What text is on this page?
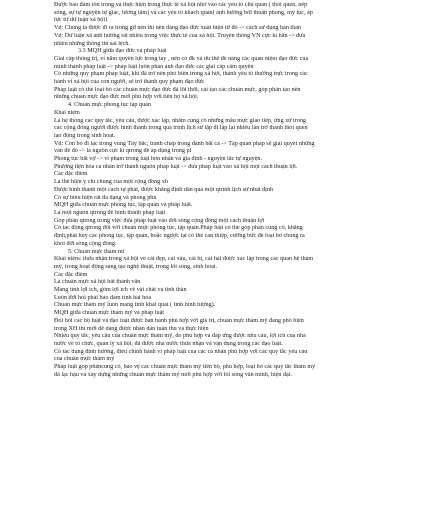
Được bảo đảm tôn trọng và thực hiện trong thực tế xã hội nhờ vào các yếu tố chủ quan ( thói quen, nếp
sống, sự tự nguyện tự giác, lương tâm) và các yếu tố khách quan( ảnh hưởng bởi thuần phong, mỹ tục, áp
lực từ dư luận xã hội)
Vd: Chúng ta được đi ra trong gđ nên thì nên đàng đạo đức xuất hiện từ đó -> cách sử dụng bán thân
Vd: Dư luận xã ảnh hưởng rất nhiều trong việc thực tế của xã hội. Truyền thông VN cực kì hăn -> đưa
nhiều những thông tin sai lệch.
3.3 MQH giữa đạo đức và pháp luật
Giai cấp thống trị, vì nắm quyền lực trong tay , nên có đk và ưu thế để nâng các quan niệm đạo đức của
mình thành pháp luật -> pháp luật luôn phản ánh đạo đức các giai cấp cầm quyền
Có những quy phạm pháp luật, khi đã trở nên phổ biến trong xã hội, thành yếu tố thường trực trong các
hành vi xã hội của con người, sẽ trở thành quy phạm đạo đức
Pháp luật có thể loại bỏ các chuẩn mực đạo đức đã lỗi thời, cái tạo các chuẩn mực, góp phần tạo nên
những chuẩn mực đạo đức mới phù hợp với tiến bộ xã hội.
4. Chuẩn mực phong tục tập quán
Khái niệm
Là hệ thống các quy tắc, yêu cầu, được xác lập, nhằm củng cố những mẫu mực giao tiếp, ứng xử trong
các cộng đồng người được hình thành trong quá trình lịch sử lặp đi lặp lại nhiều lần trở thành thói quen
lao động trong sinh hoạt.
Vd: Con bò đi lạc trong vùng Tây bắc, tranh chấp trong đánh bắt cá -> Tập quán pháp sẽ giải quyết những
vấn đề đó -> là nguồn cực kì qtrong để áp dụng trong pl
Phong tục bắt vợ -> vi phạm trong luật hôn nhân và gia đình - nguyện tắc tự nguyện.
Phương tiện hóa cá nhân trở thành nguồn pháp luật -> đưa pháp luật vào xã hội một cách thuận lợi.
Các đặc điểm
Là thể hiện ý chí chung của một cộng đồng xh
Được hình thành một cách tự phát, được khẳng định dần qua một qtrình lịch sử nhất định
Có sự biểu hiện rất đa dạng và phong phú
MQH giữa chuẩn mực phong tục, tập quán và pháp luật.
Là một nguồn qtrong để hình thành pháp luật
Góp phần qtrong trong việc đưa pháp luật vào đời sống cộng đồng một cách thuận lợi
Có tác động qtrong đối với chuẩn mực phong tục, tập quán.Pháp luật có thể góp phần củng cố, khẳng
định,phát huy các phong tục, tập quán, hoặc ngược lại có thể can thiệp, cưỡng bức để loại bỏ chúng ra
khỏi đời sống cộng đồng.
5. Chuẩn mực thẩm mĩ
Khái niệm: thừa nhận trong xã hội về cái đẹp, cái xấu, cái bi, cái hài được xác lập trong các quan hệ thẩm
mỹ, trong hoạt động sáng tạo nghệ thuật, trong lối sống, sinh hoạt.
Các đặc điểm
Là chuẩn mực xã hội bất thành văn
Mang tính lợi ích, gồm lợi ích về vật chất và tinh thần
Luôn đời hỏi phải bảo đảm tính hài hòa
Chuẩn mực thẩm mỹ luôn mang tính khái quát ( tính hình tượng).
MQH giữa chuẩn mực thẩm mỹ và pháp luật
Đòi hỏi các bộ luật và đạo luật được ban hành phù hợp với giá trị, chuẩn mực thẩm mỹ đang phổ biến
trong XH thì mới dễ dàng được nhân dân tuân thủ và thực hiện
Nhiều quy tắc, yêu cầu của chuẩn mực thẩm mỹ, do phù hợp và đáp ứng được nhu cầu, lợi ích của nhà
nước về tổ chức, quản lý xã hội, đã được nhà nước thừa nhận và vận dụng trong các đạo luật.
Có tác dụng định hướng, điều chỉnh hành vi pháp luật của các cá nhân phù hợp với các quy tắc yêu cầu
của chuẩn mực thẩm mỹ
Pháp luật góp phầncủng cố, bảo vệ các chuẩn mực thẩm mỹ tiến bộ, phù hợp, loại bỏ các quy tắc thẩm mỹ
đã lạc hậu và xây dựng những chuẩn mực thẩm mỹ mới phù hợp với lối sống văn minh, hiện đại.
